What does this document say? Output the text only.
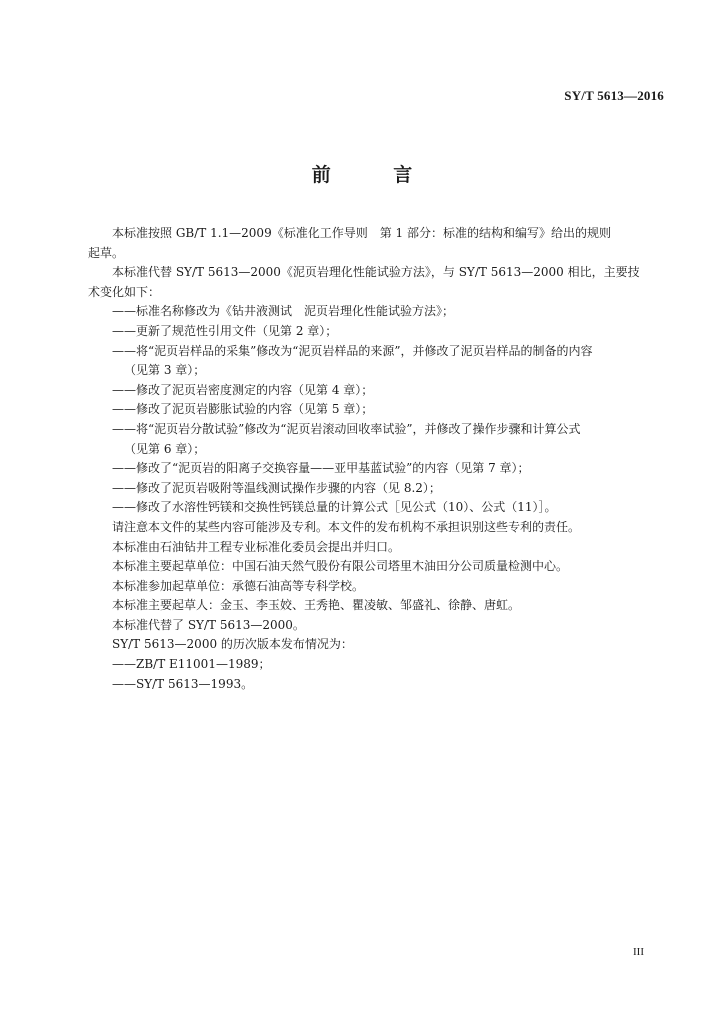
SY/T 5613—2016
前 言
本标准按照 GB/T 1.1—2009《标准化工作导则　第 1 部分：标准的结构和编写》给出的规则
起草。
本标准代替 SY/T 5613—2000《泥页岩理化性能试验方法》，与 SY/T 5613—2000 相比，主要技
术变化如下：
——标准名称修改为《钻井液测试　泥页岩理化性能试验方法》；
——更新了规范性引用文件（见第 2 章）；
——将“泥页岩样品的采集”修改为“泥页岩样品的来源”，并修改了泥页岩样品的制备的内容
（见第 3 章）；
——修改了泥页岩密度测定的内容（见第 4 章）；
——修改了泥页岩膨胀试验的内容（见第 5 章）；
——将“泥页岩分散试验”修改为“泥页岩滚动回收率试验”，并修改了操作步骤和计算公式
（见第 6 章）；
——修改了“泥页岩的阳离子交换容量——亚甲基蓝试验”的内容（见第 7 章）；
——修改了泥页岩吸附等温线测试操作步骤的内容（见 8.2）；
——修改了水溶性钙镁和交换性钙镁总量的计算公式［见公式（10）、公式（11）］。
请注意本文件的某些内容可能涉及专利。本文件的发布机构不承担识别这些专利的责任。
本标准由石油钻井工程专业标准化委员会提出并归口。
本标准主要起草单位：中国石油天然气股份有限公司塔里木油田分公司质量检测中心。
本标准参加起草单位：承德石油高等专科学校。
本标准主要起草人：金玉、李玉姣、王秀艳、瞿凌敏、邹盛礼、徐静、唐虹。
本标准代替了 SY/T 5613—2000。
SY/T 5613—2000 的历次版本发布情况为：
——ZB/T E11001—1989；
——SY/T 5613—1993。
III
